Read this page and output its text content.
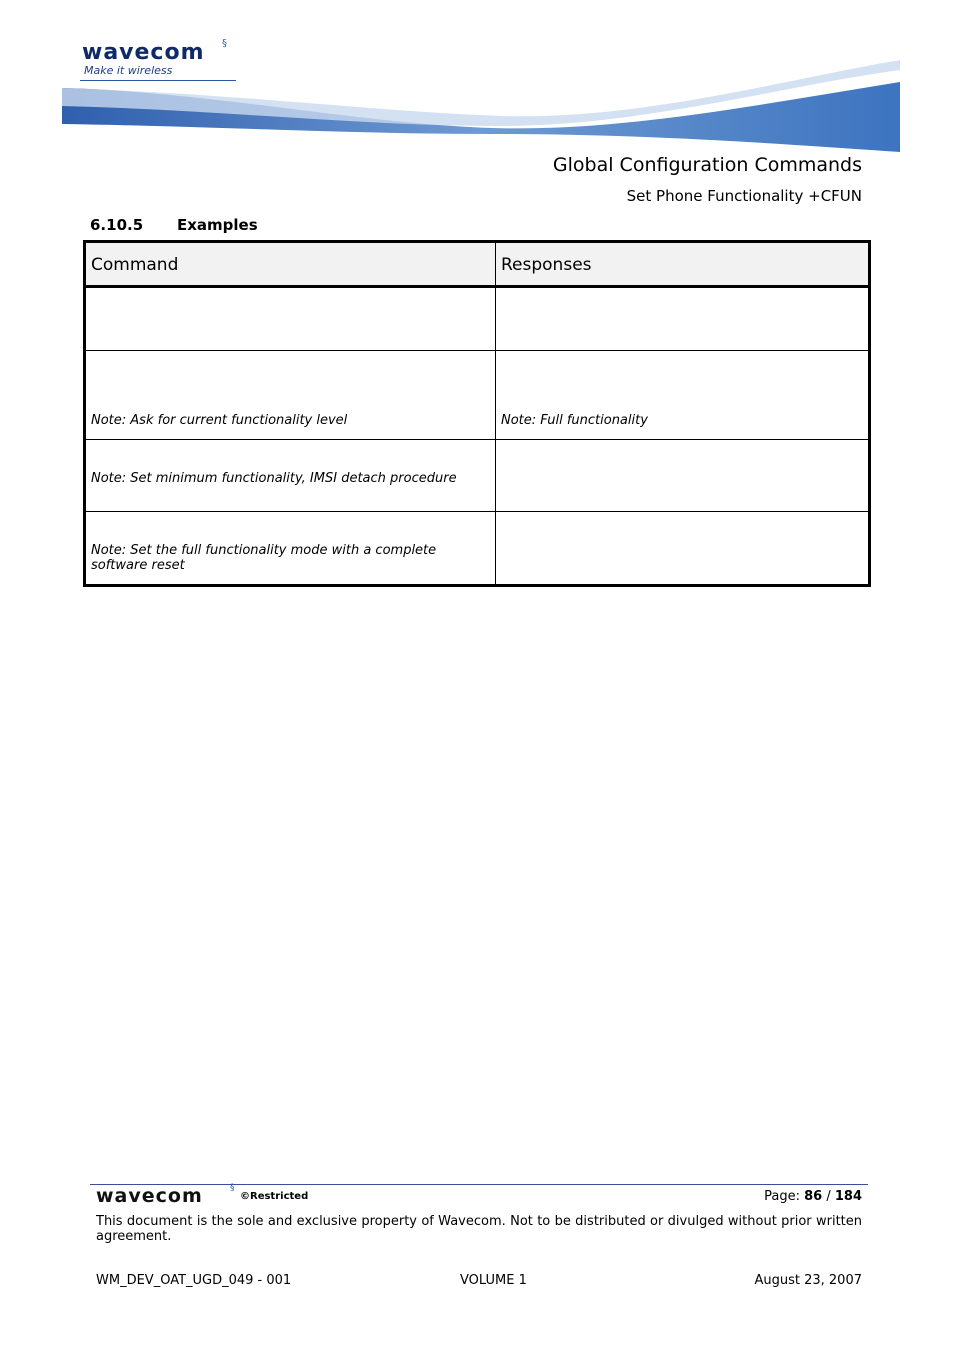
wavecom §
Make it wireless
Global Configuration Commands
Set Phone Functionality +CFUN
6.10.5 Examples
Command	Responses
Note: Ask for current functionality level	Note: Full functionality
Note: Set minimum functionality, IMSI detach procedure
Note: Set the full functionality mode with a complete software reset
wavecom	§
©Restricted	Page: 86 / 184
This document is the sole and exclusive property of Wavecom. Not to be distributed or divulged without prior written agreement.
WM_DEV_OAT_UGD_049 - 001	VOLUME 1	August 23, 2007
